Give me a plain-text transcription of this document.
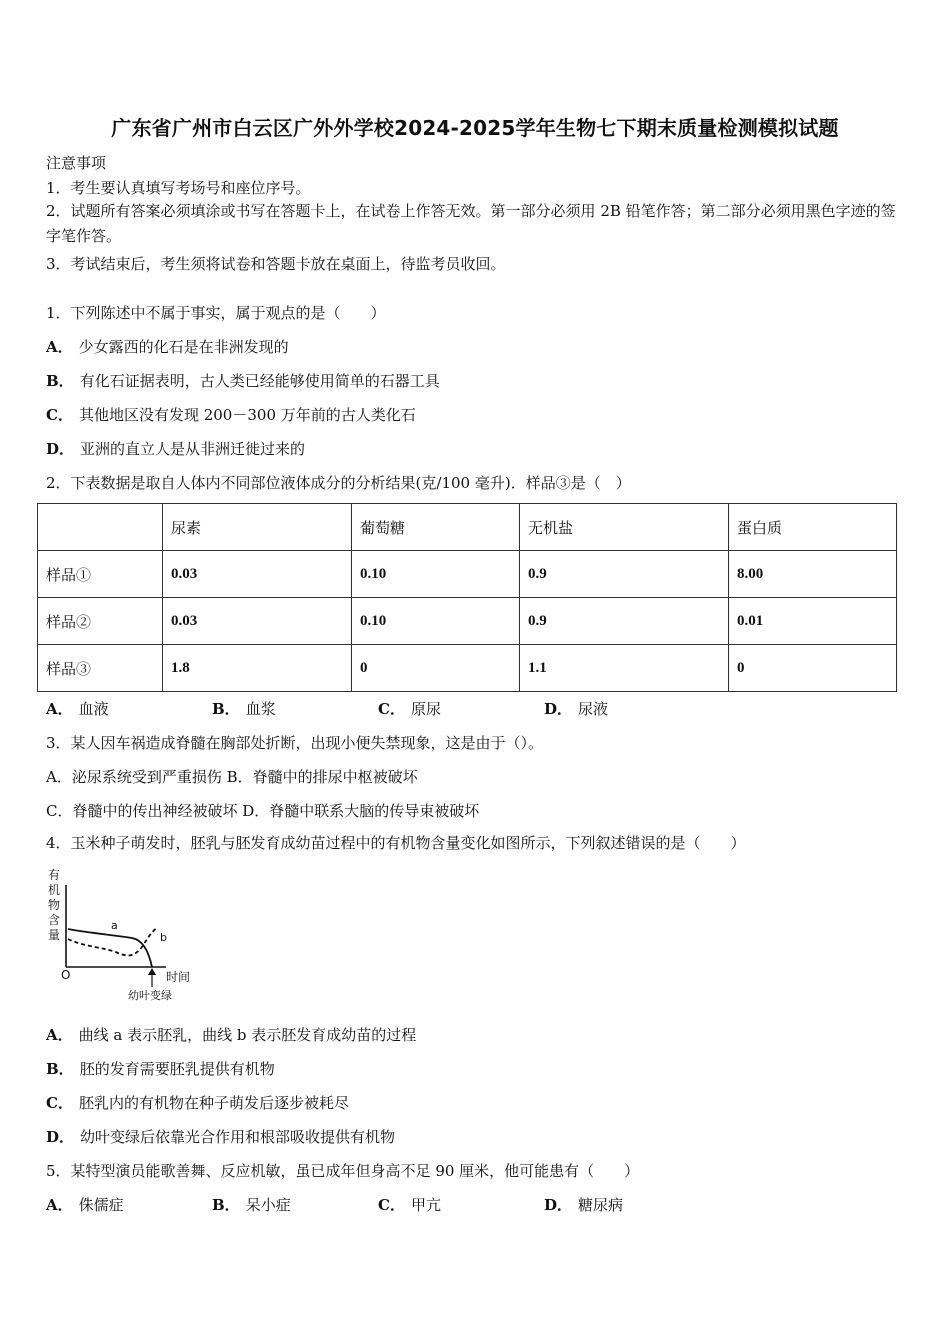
广东省广州市白云区广外外学校2024-2025学年生物七下期末质量检测模拟试题
注意事项
1．考生要认真填写考场号和座位序号。
2．试题所有答案必须填涂或书写在答题卡上，在试卷上作答无效。第一部分必须用 2B 铅笔作答；第二部分必须用黑色字迹的签字笔作答。
3．考试结束后，考生须将试卷和答题卡放在桌面上，待监考员收回。
1．下列陈述中不属于事实，属于观点的是（　　）
A． 少女露西的化石是在非洲发现的
B． 有化石证据表明，古人类已经能够使用简单的石器工具
C． 其他地区没有发现 200－300 万年前的古人类化石
D． 亚洲的直立人是从非洲迁徙过来的
2．下表数据是取自人体内不同部位液体成分的分析结果(克/100 毫升)．样品③是（　）
	尿素	葡萄糖	无机盐	蛋白质
样品①	0.03	0.10	0.9	8.00
样品②	0.03	0.10	0.9	0.01
样品③	1.8	0	1.1	0
A． 血液	B． 血浆	C． 原尿	D． 尿液
3．某人因车祸造成脊髓在胸部处折断，出现小便失禁现象，这是由于（）。
A．泌尿系统受到严重损伤 B．脊髓中的排尿中枢被破坏
C．脊髓中的传出神经被破坏 D．脊髓中联系大脑的传导束被破坏
4．玉米种子萌发时，胚乳与胚发育成幼苗过程中的有机物含量变化如图所示，下列叙述错误的是（　　）
有
机
物
含
量
O	时间
a
b
幼叶变绿
A． 曲线 a 表示胚乳，曲线 b 表示胚发育成幼苗的过程
B． 胚的发育需要胚乳提供有机物
C． 胚乳内的有机物在种子萌发后逐步被耗尽
D． 幼叶变绿后依靠光合作用和根部吸收提供有机物
5．某特型演员能歌善舞、反应机敏，虽已成年但身高不足 90 厘米，他可能患有（　　）
A． 侏儒症	B． 呆小症	C． 甲亢	D． 糖尿病
